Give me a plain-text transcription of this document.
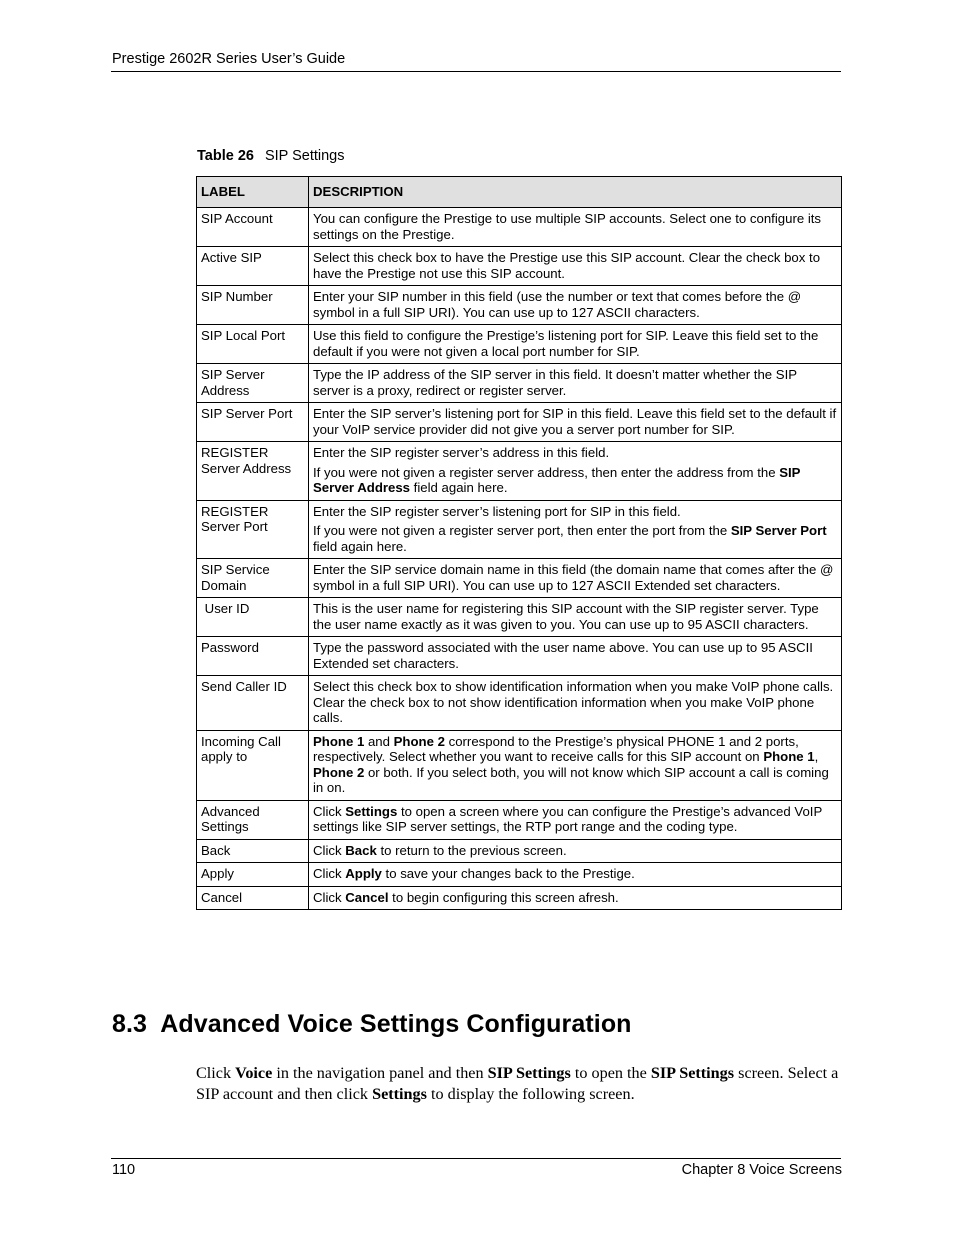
Prestige 2602R Series User’s Guide
Table 26 SIP Settings
LABEL	DESCRIPTION
SIP Account	You can configure the Prestige to use multiple SIP accounts. Select one to configure its settings on the Prestige.
Active SIP	Select this check box to have the Prestige use this SIP account. Clear the check box to have the Prestige not use this SIP account.
SIP Number	Enter your SIP number in this field (use the number or text that comes before the @ symbol in a full SIP URI). You can use up to 127 ASCII characters.
SIP Local Port	Use this field to configure the Prestige’s listening port for SIP. Leave this field set to the default if you were not given a local port number for SIP.
SIP Server Address	Type the IP address of the SIP server in this field. It doesn’t matter whether the SIP server is a proxy, redirect or register server.
SIP Server Port	Enter the SIP server’s listening port for SIP in this field. Leave this field set to the default if your VoIP service provider did not give you a server port number for SIP.
REGISTER Server Address	Enter the SIP register server’s address in this field.

If you were not given a register server address, then enter the address from the SIP Server Address field again here.

REGISTER Server Port	Enter the SIP register server’s listening port for SIP in this field.

If you were not given a register server port, then enter the port from the SIP Server Port field again here.

SIP Service Domain	Enter the SIP service domain name in this field (the domain name that comes after the @ symbol in a full SIP URI). You can use up to 127 ASCII Extended set characters.
User ID	This is the user name for registering this SIP account with the SIP register server. Type the user name exactly as it was given to you. You can use up to 95 ASCII characters.
Password	Type the password associated with the user name above. You can use up to 95 ASCII Extended set characters.
Send Caller ID	Select this check box to show identification information when you make VoIP phone calls. Clear the check box to not show identification information when you make VoIP phone calls.
Incoming Call apply to	Phone 1 and Phone 2 correspond to the Prestige’s physical PHONE 1 and 2 ports, respectively. Select whether you want to receive calls for this SIP account on Phone 1, Phone 2 or both. If you select both, you will not know which SIP account a call is coming in on.
Advanced Settings	Click Settings to open a screen where you can configure the Prestige’s advanced VoIP settings like SIP server settings, the RTP port range and the coding type.
Back	Click Back to return to the previous screen.
Apply	Click Apply to save your changes back to the Prestige.
Cancel	Click Cancel to begin configuring this screen afresh.
8.3  Advanced Voice Settings Configuration
Click Voice in the navigation panel and then SIP Settings to open the SIP Settings screen. Select a SIP account and then click Settings to display the following screen.
110	Chapter 8 Voice Screens
